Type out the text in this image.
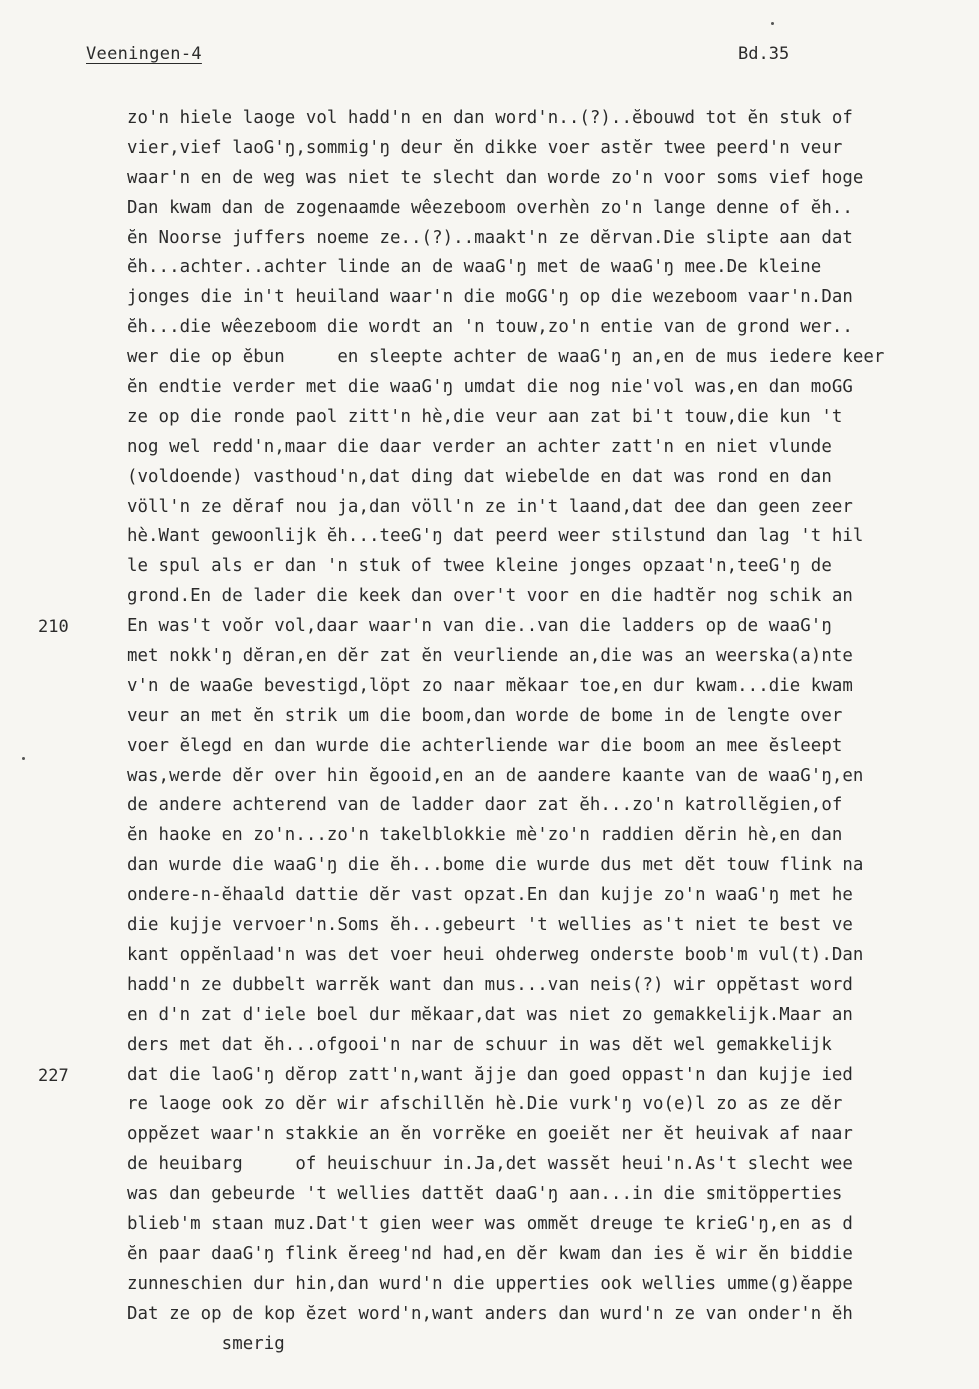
Veeningen-4	Bd.35
210
227
zo'n hiele laoge vol hadd'n en dan word'n..(?)..ĕbouwd tot ĕn stuk of
vier,vief laoG'ŋ,sommig'ŋ deur ĕn dikke voer astĕr twee peerd'n veur
waar'n en de weg was niet te slecht dan worde zo'n voor soms vief hoge
Dan kwam dan de zogenaamde wêezeboom overhèn zo'n lange denne of ĕh..
ĕn Noorse juffers noeme ze..(?)..maakt'n ze dĕrvan.Die slipte aan dat
ĕh...achter..achter linde an de waaG'ŋ met de waaG'ŋ mee.De kleine
jonges die in't heuiland waar'n die moGG'ŋ op die wezeboom vaar'n.Dan
ĕh...die wêezeboom die wordt an 'n touw,zo'n entie van de grond wer..
wer die op ĕbun     en sleepte achter de waaG'ŋ an,en de mus iedere keer
ĕn endtie verder met die waaG'ŋ umdat die nog nie'vol was,en dan moGG
ze op die ronde paol zitt'n hè,die veur aan zat bi't touw,die kun 't
nog wel redd'n,maar die daar verder an achter zatt'n en niet vlunde
(voldoende) vasthoud'n,dat ding dat wiebelde en dat was rond en dan
völl'n ze dĕraf nou ja,dan völl'n ze in't laand,dat dee dan geen zeer
hè.Want gewoonlijk ĕh...teeG'ŋ dat peerd weer stilstund dan lag 't hil
le spul als er dan 'n stuk of twee kleine jonges opzaat'n,teeG'ŋ de
grond.En de lader die keek dan over't voor en die hadtĕr nog schik an
En was't voŏr vol,daar waar'n van die..van die ladders op de waaG'ŋ
met nokk'ŋ dĕran,en dĕr zat ĕn veurliende an,die was an weerska(a)nte
v'n de waaGe bevestigd,löpt zo naar mĕkaar toe,en dur kwam...die kwam
veur an met ĕn strik um die boom,dan worde de bome in de lengte over
voer ĕlegd en dan wurde die achterliende war die boom an mee ĕsleept
was,werde dĕr over hin ĕgooid,en an de aandere kaante van de waaG'ŋ,en
de andere achterend van de ladder daor zat ĕh...zo'n katrollĕgien,of
ĕn haoke en zo'n...zo'n takelblokkie mè'zo'n raddien dĕrin hè,en dan
dan wurde die waaG'ŋ die ĕh...bome die wurde dus met dĕt touw flink na
ondere-n-ĕhaald dattie dĕr vast opzat.En dan kujje zo'n waaG'ŋ met he
die kujje vervoer'n.Soms ĕh...gebeurt 't wellies as't niet te best ve
kant oppĕnlaad'n was det voer heui ohderweg onderste boob'm vul(t).Dan
hadd'n ze dubbelt warrĕk want dan mus...van neis(?) wir oppĕtast word
en d'n zat d'iele boel dur mĕkaar,dat was niet zo gemakkelijk.Maar an
ders met dat ĕh...ofgooi'n nar de schuur in was dĕt wel gemakkelijk
dat die laoG'ŋ dĕrop zatt'n,want ăjje dan goed oppast'n dan kujje ied
re laoge ook zo dĕr wir afschillĕn hè.Die vurk'ŋ vo(e)l zo as ze dĕr
oppĕzet waar'n stakkie an ĕn vorrĕke en goeiĕt ner ĕt heuivak af naar
de heuibarg     of heuischuur in.Ja,det wassĕt heui'n.As't slecht wee
was dan gebeurde 't wellies dattĕt daaG'ŋ aan...in die smitöpperties
blieb'm staan muz.Dat't gien weer was ommĕt dreuge te krieG'ŋ,en as d
ĕn paar daaG'ŋ flink ĕreeg'nd had,en dĕr kwam dan ies ĕ wir ĕn biddie
zunneschien dur hin,dan wurd'n die upperties ook wellies umme(g)ĕappe
Dat ze op de kop ĕzet word'n,want anders dan wurd'n ze van onder'n ĕh
smerig
